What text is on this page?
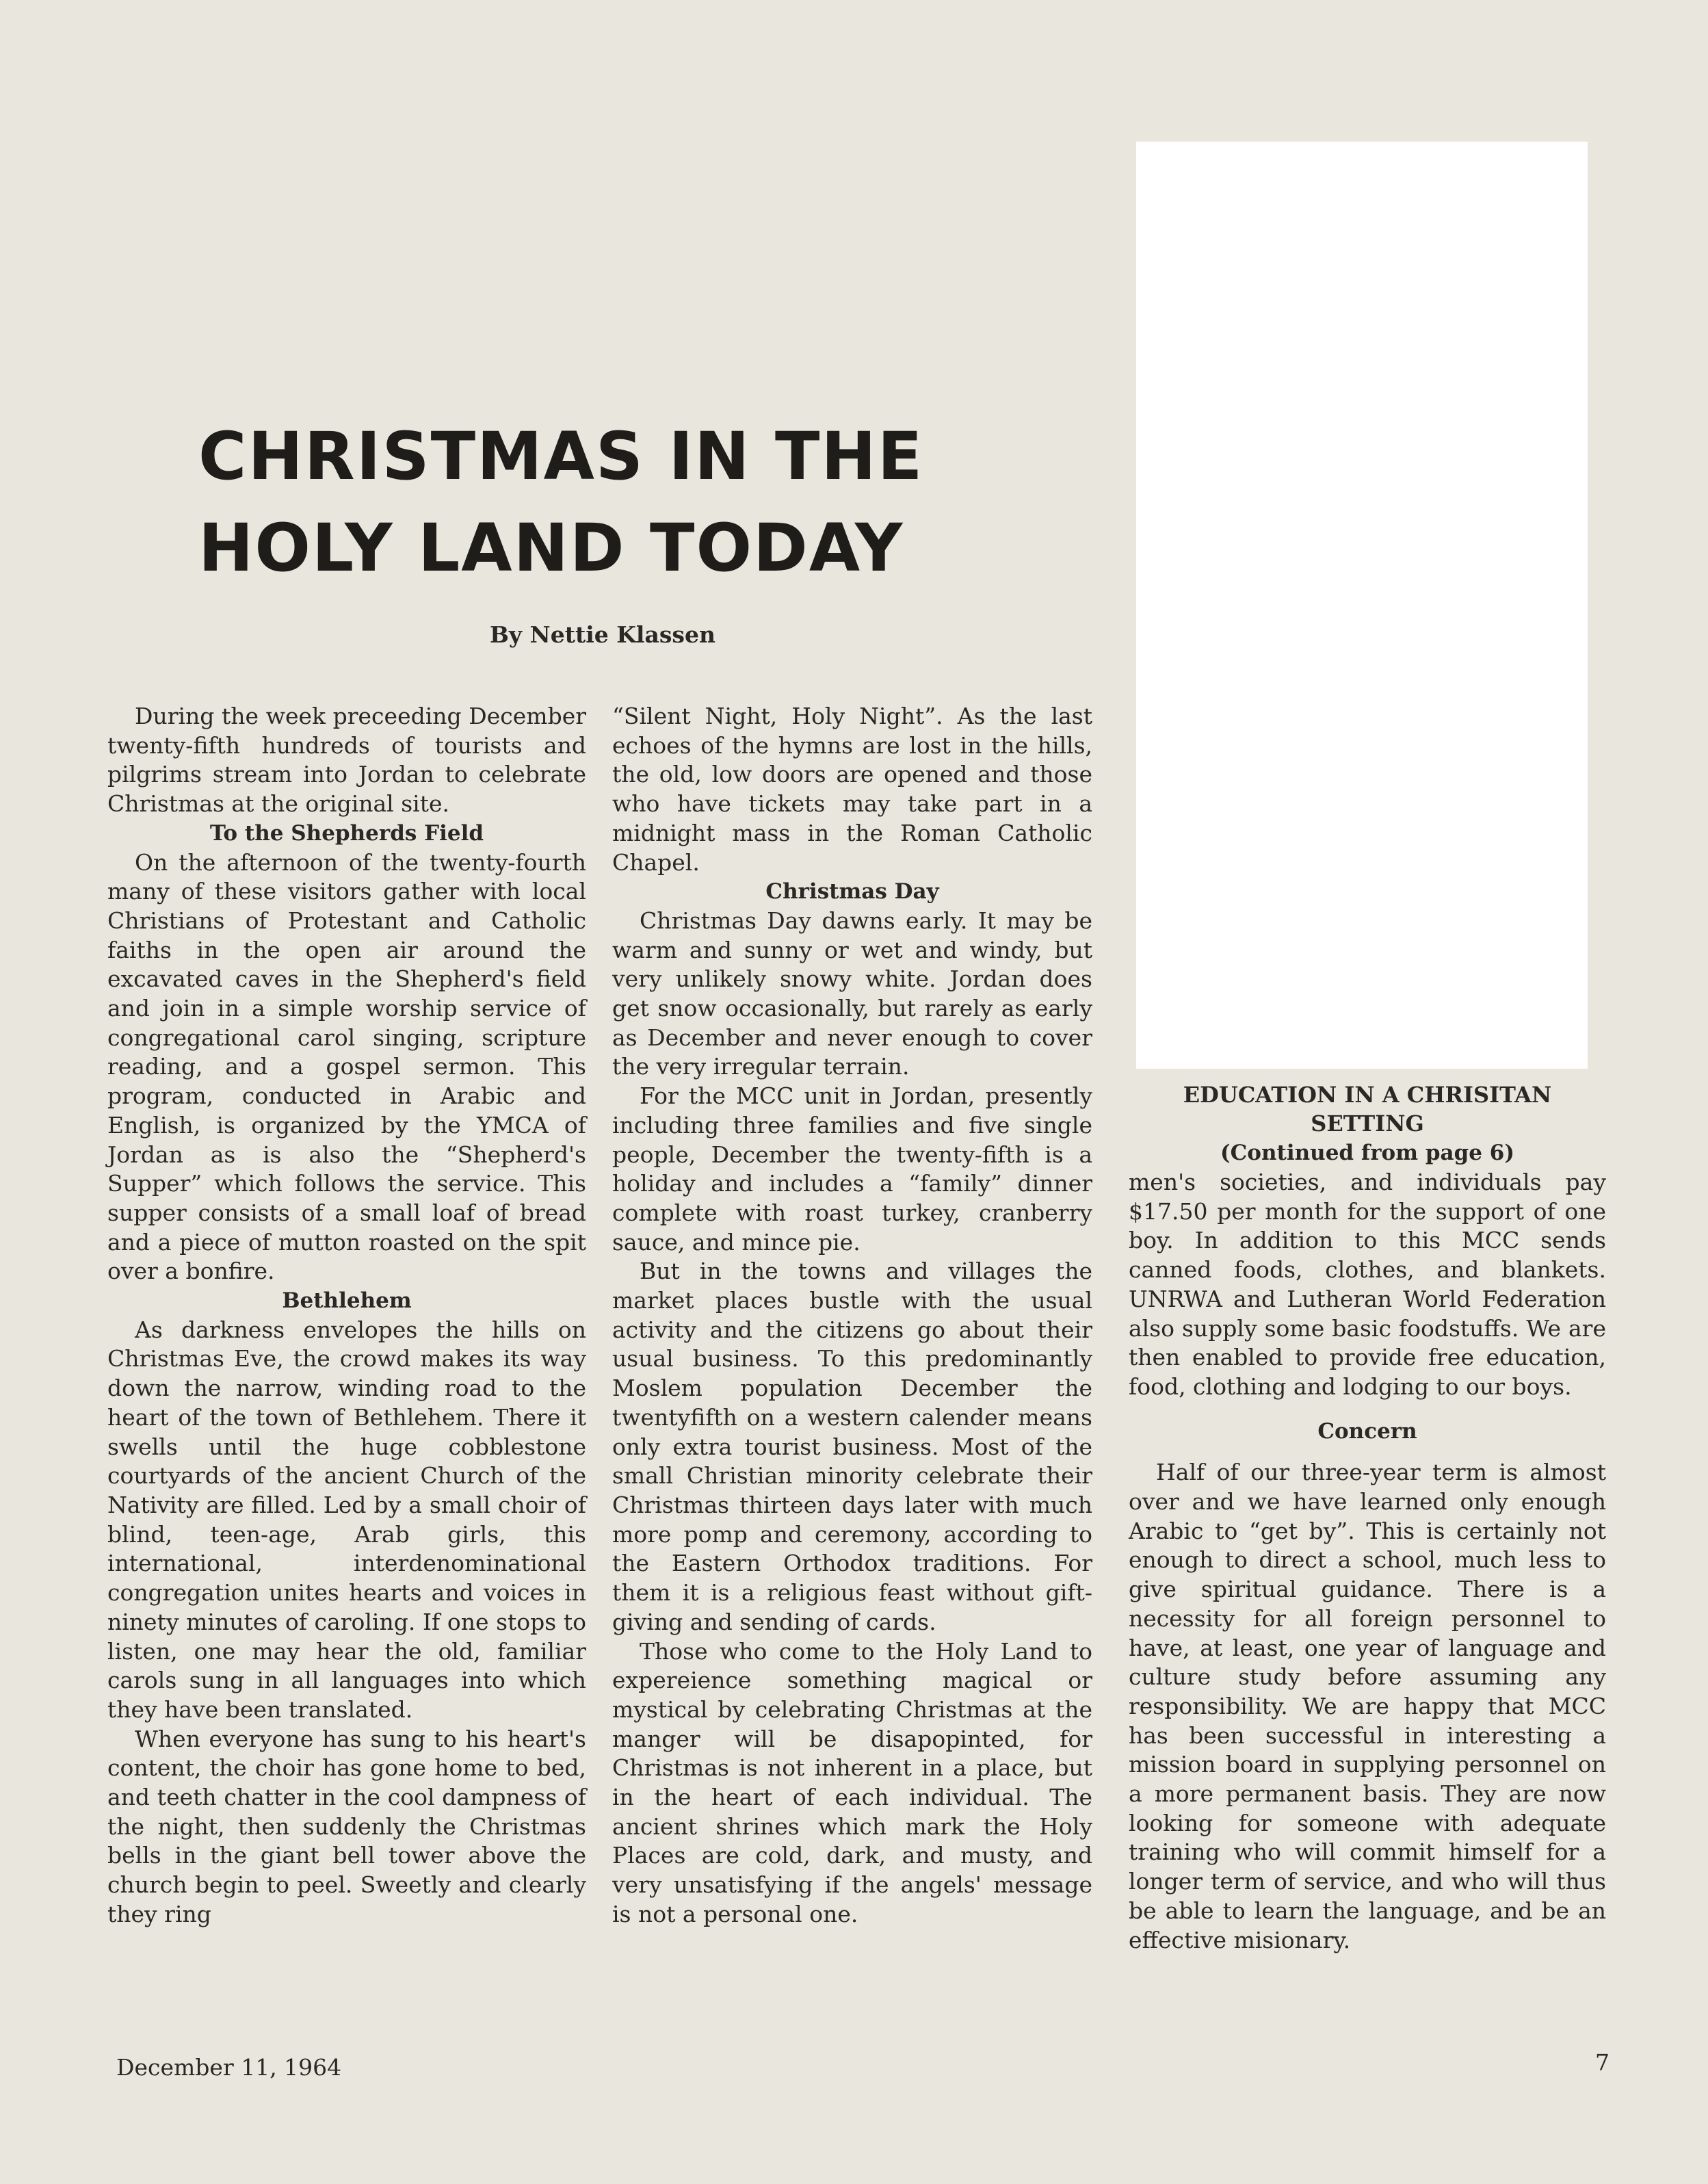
CHRISTMAS IN THE
HOLY LAND TODAY
By Nettie Klassen

During the week preceeding December twenty-fifth hundreds of tourists and pilgrims stream into Jordan to celebrate Christmas at the original site.

To the Shepherds Field

On the afternoon of the twenty-fourth many of these visitors gather with local Christians of Protestant and Catholic faiths in the open air around the excavated caves in the Shepherd's field and join in a simple worship service of congregational carol singing, scripture reading, and a gospel sermon. This program, conducted in Arabic and English, is organized by the YMCA of Jordan as is also the “Shepherd's Supper” which follows the service. This supper consists of a small loaf of bread and a piece of mutton roasted on the spit over a bonfire.

Bethlehem

As darkness envelopes the hills on Christmas Eve, the crowd makes its way down the narrow, winding road to the heart of the town of Bethlehem. There it swells until the huge cobblestone courtyards of the ancient Church of the Nativity are filled. Led by a small choir of blind, teen-age, Arab girls, this international, interdenominational congregation unites hearts and voices in ninety minutes of caroling. If one stops to listen, one may hear the old, familiar carols sung in all languages into which they have been translated.

When everyone has sung to his heart's content, the choir has gone home to bed, and teeth chatter in the cool dampness of the night, then suddenly the Christmas bells in the giant bell tower above the church begin to peel. Sweetly and clearly they ring

“Silent Night, Holy Night”. As the last echoes of the hymns are lost in the hills, the old, low doors are opened and those who have tickets may take part in a midnight mass in the Roman Catholic Chapel.

Christmas Day

Christmas Day dawns early. It may be warm and sunny or wet and windy, but very unlikely snowy white. Jordan does get snow occasionally, but rarely as early as December and never enough to cover the very irregular terrain.

For the MCC unit in Jordan, presently including three families and five single people, December the twenty-fifth is a holiday and includes a “family” dinner complete with roast turkey, cranberry sauce, and mince pie.

But in the towns and villages the market places bustle with the usual activity and the citizens go about their usual business. To this predominantly Moslem population December the twentyfifth on a western calender means only extra tourist business. Most of the small Christian minority celebrate their Christmas thirteen days later with much more pomp and ceremony, according to the Eastern Orthodox traditions. For them it is a religious feast without gift-giving and sending of cards.

Those who come to the Holy Land to expereience something magical or mystical by celebrating Christmas at the manger will be disapopinted, for Christmas is not inherent in a place, but in the heart of each individual. The ancient shrines which mark the Holy Places are cold, dark, and musty, and very unsatisfying if the angels' message is not a personal one.

EDUCATION IN A CHRISITAN SETTING
(Continued from page 6)

men's societies, and individuals pay $17.50 per month for the support of one boy. In addition to this MCC sends canned foods, clothes, and blankets. UNRWA and Lutheran World Federation also supply some basic foodstuffs. We are then enabled to provide free education, food, clothing and lodging to our boys.

Concern

Half of our three-year term is almost over and we have learned only enough Arabic to “get by”. This is certainly not enough to direct a school, much less to give spiritual guidance. There is a necessity for all foreign personnel to have, at least, one year of language and culture study before assuming any responsibility. We are happy that MCC has been successful in interesting a mission board in supplying personnel on a more permanent basis. They are now looking for someone with adequate training who will commit himself for a longer term of service, and who will thus be able to learn the language, and be an effective misionary.

December 11, 1964	7
